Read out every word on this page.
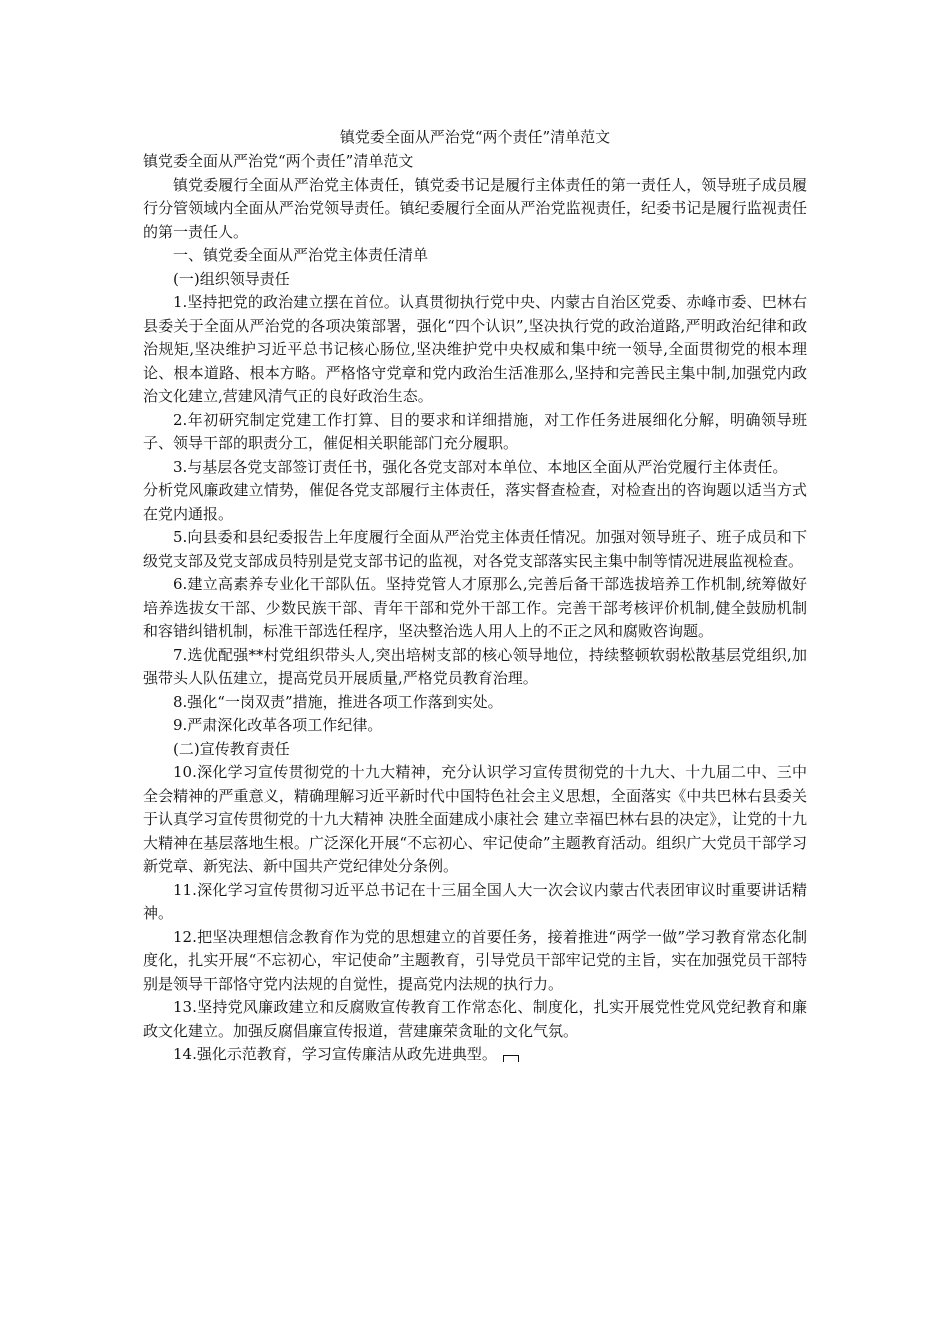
镇党委全面从严治党“两个责任”清单范文

镇党委全面从严治党“两个责任”清单范文

镇党委履行全面从严治党主体责任，镇党委书记是履行主体责任的第一责任人，领导班子成员履行分管领域内全面从严治党领导责任。镇纪委履行全面从严治党监视责任，纪委书记是履行监视责任的第一责任人。

一、镇党委全面从严治党主体责任清单

(一)组织领导责任

1.坚持把党的政治建立摆在首位。认真贯彻执行党中央、内蒙古自治区党委、赤峰市委、巴林右县委关于全面从严治党的各项决策部署，强化“四个认识”,坚决执行党的政治道路,严明政治纪律和政治规矩,坚决维护习近平总书记核心肠位,坚决维护党中央权威和集中统一领导,全面贯彻党的根本理论、根本道路、根本方略。严格恪守党章和党内政治生活准那么,坚持和完善民主集中制,加强党内政治文化建立,营建风清气正的良好政治生态。

2.年初研究制定党建工作打算、目的要求和详细措施，对工作任务进展细化分解，明确领导班子、领导干部的职责分工，催促相关职能部门充分履职。

3.与基层各党支部签订责任书，强化各党支部对本单位、本地区全面从严治党履行主体责任。

分析党风廉政建立情势，催促各党支部履行主体责任，落实督查检查，对检查出的咨询题以适当方式在党内通报。

5.向县委和县纪委报告上年度履行全面从严治党主体责任情况。加强对领导班子、班子成员和下级党支部及党支部成员特别是党支部书记的监视，对各党支部落实民主集中制等情况进展监视检查。

6.建立高素养专业化干部队伍。坚持党管人才原那么,完善后备干部选拔培养工作机制,统筹做好培养选拔女干部、少数民族干部、青年干部和党外干部工作。完善干部考核评价机制,健全鼓励机制和容错纠错机制，标准干部选任程序，坚决整治选人用人上的不正之风和腐败咨询题。

7.选优配强**村党组织带头人,突出培树支部的核心领导地位，持续整顿软弱松散基层党组织,加强带头人队伍建立，提高党员开展质量,严格党员教育治理。

8.强化“一岗双责”措施，推进各项工作落到实处。

9.严肃深化改革各项工作纪律。

(二)宣传教育责任

10.深化学习宣传贯彻党的十九大精神，充分认识学习宣传贯彻党的十九大、十九届二中、三中全会精神的严重意义，精确理解习近平新时代中国特色社会主义思想，全面落实《中共巴林右县委关于认真学习宣传贯彻党的十九大精神 决胜全面建成小康社会 建立幸福巴林右县的决定》，让党的十九大精神在基层落地生根。广泛深化开展“不忘初心、牢记使命”主题教育活动。组织广大党员干部学习新党章、新宪法、新中国共产党纪律处分条例。

11.深化学习宣传贯彻习近平总书记在十三届全国人大一次会议内蒙古代表团审议时重要讲话精神。

12.把坚决理想信念教育作为党的思想建立的首要任务，接着推进“两学一做”学习教育常态化制度化，扎实开展“不忘初心，牢记使命”主题教育，引导党员干部牢记党的主旨，实在加强党员干部特别是领导干部恪守党内法规的自觉性，提高党内法规的执行力。

13.坚持党风廉政建立和反腐败宣传教育工作常态化、制度化，扎实开展党性党风党纪教育和廉政文化建立。加强反腐倡廉宣传报道，营建廉荣贪耻的文化气氛。

14.强化示范教育，学习宣传廉洁从政先进典型。
